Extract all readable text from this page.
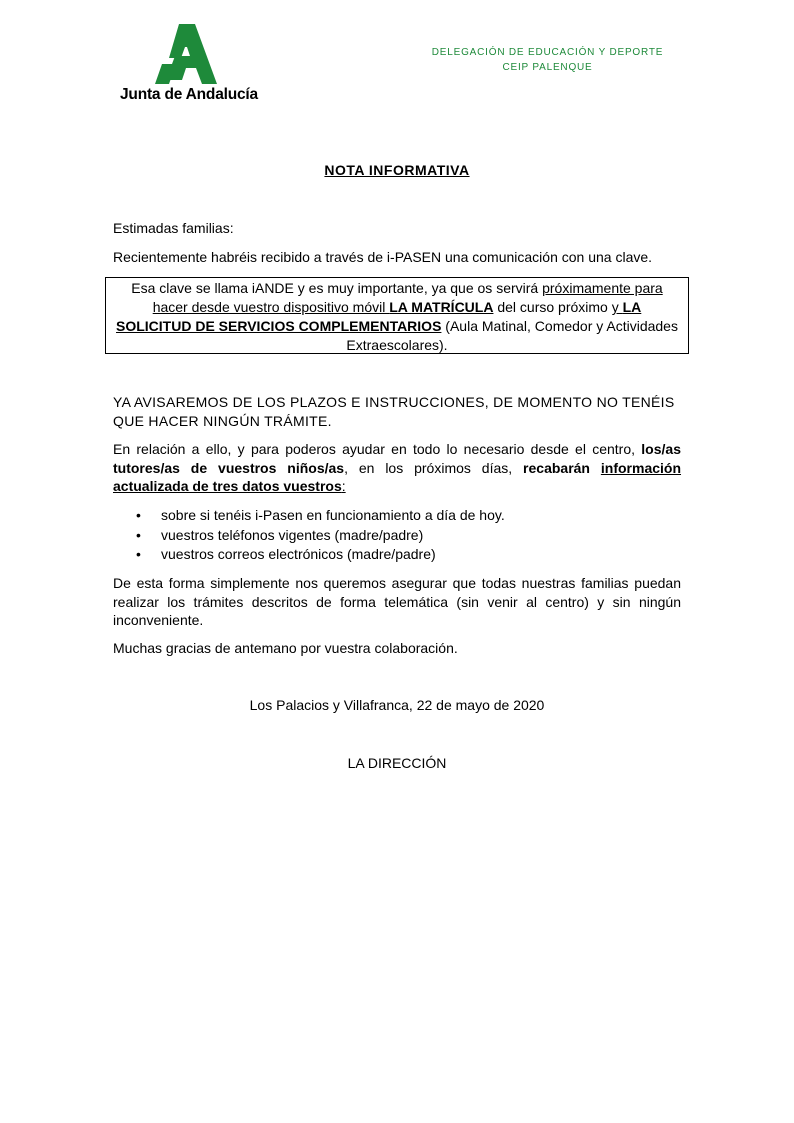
Junta de Andalucía
DELEGACIÓN DE EDUCACIÓN Y DEPORTE
CEIP PALENQUE
NOTA INFORMATIVA

Estimadas familias:

Recientemente habréis recibido a través de i-PASEN una comunicación con una clave.

Esa clave se llama iANDE y es muy importante, ya que os servirá próximamente para hacer desde vuestro dispositivo móvil LA MATRÍCULA del curso próximo y LA SOLICITUD DE SERVICIOS COMPLEMENTARIOS (Aula Matinal, Comedor y Actividades Extraescolares).

YA AVISAREMOS DE LOS PLAZOS E INSTRUCCIONES, DE MOMENTO NO TENÉIS QUE HACER NINGÚN TRÁMITE.

En relación a ello, y para poderos ayudar en todo lo necesario desde el centro, los/as tutores/as de vuestros niños/as, en los próximos días, recabarán información actualizada de tres datos vuestros:

• sobre si tenéis i-Pasen en funcionamiento a día de hoy.
• vuestros teléfonos vigentes (madre/padre)
• vuestros correos electrónicos (madre/padre)

De esta forma simplemente nos queremos asegurar que todas nuestras familias puedan realizar los trámites descritos de forma telemática (sin venir al centro) y sin ningún inconveniente.

Muchas gracias de antemano por vuestra colaboración.

Los Palacios y Villafranca, 22 de mayo de 2020
LA DIRECCIÓN
